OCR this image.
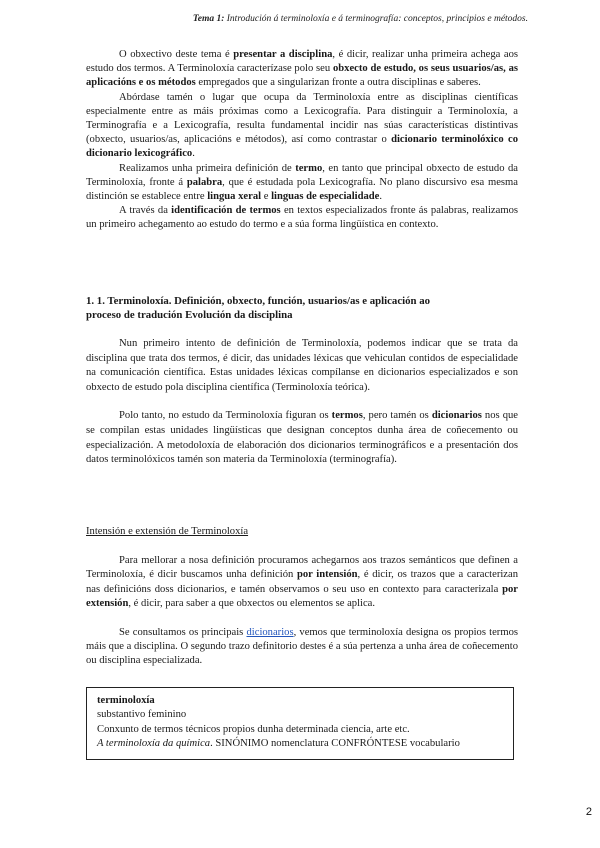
Tema 1: Introdución á terminoloxía e á terminografía: conceptos, principios e métodos.

O obxectivo deste tema é presentar a disciplina, é dicir, realizar unha primeira achega aos estudo dos termos. A Terminoloxía caracterízase polo seu obxecto de estudo, os seus usuarios/as, as aplicacións e os métodos empregados que a singularizan fronte a outra disciplinas e saberes.

Abórdase tamén o lugar que ocupa da Terminoloxía entre as disciplinas científicas especialmente entre as máis próximas como a Lexicografía. Para distinguir a Terminoloxía, a Terminografía e a Lexicografía, resulta fundamental incidir nas súas características distintivas (obxecto, usuarios/as, aplicacións e métodos), así como contrastar o dicionario terminolóxico co dicionario lexicográfico.

Realizamos unha primeira definición de termo, en tanto que principal obxecto de estudo da Terminoloxía, fronte á palabra, que é estudada pola Lexicografía. No plano discursivo esa mesma distinción se establece entre lingua xeral e linguas de especialidade.

A través da identificación de termos en textos especializados fronte ás palabras, realizamos un primeiro achegamento ao estudo do termo e a súa forma lingüística en contexto.

1. 1. Terminoloxía. Definición, obxecto, función, usuarios/as e aplicación ao
proceso de tradución Evolución da disciplina

Nun primeiro intento de definición de Terminoloxía, podemos indicar que se trata da disciplina que trata dos termos, é dicir, das unidades léxicas que vehiculan contidos de especialidade na comunicación científica. Estas unidades léxicas compílanse en dicionarios especializados e son obxecto de estudo pola disciplina científica (Terminoloxía teórica).

Polo tanto, no estudo da Terminoloxía figuran os termos, pero tamén os dicionarios nos que se compilan estas unidades lingüísticas que designan conceptos dunha área de coñecemento ou especialización. A metodoloxía de elaboración dos dicionarios terminográficos e a presentación dos datos terminolóxicos tamén son materia da Terminoloxía (terminografía).

Intensión e extensión de Terminoloxía

Para mellorar a nosa definición procuramos achegarnos aos trazos semánticos que definen a Terminoloxía, é dicir buscamos unha definición por intensión, é dicir, os trazos que a caracterizan nas definicións doss dicionarios, e tamén observamos o seu uso en contexto para caracterizala por extensión, é dicir, para saber a que obxectos ou elementos se aplica.

Se consultamos os principais dicionarios, vemos que terminoloxía designa os propios termos máis que a disciplina. O segundo trazo definitorio destes é a súa pertenza a unha área de coñecemento ou disciplina especializada.

terminoloxía
substantivo feminino
Conxunto de termos técnicos propios dunha determinada ciencia, arte etc.
A terminoloxía da química. SINÓNIMO nomenclatura CONFRÓNTESE vocabulario
2
